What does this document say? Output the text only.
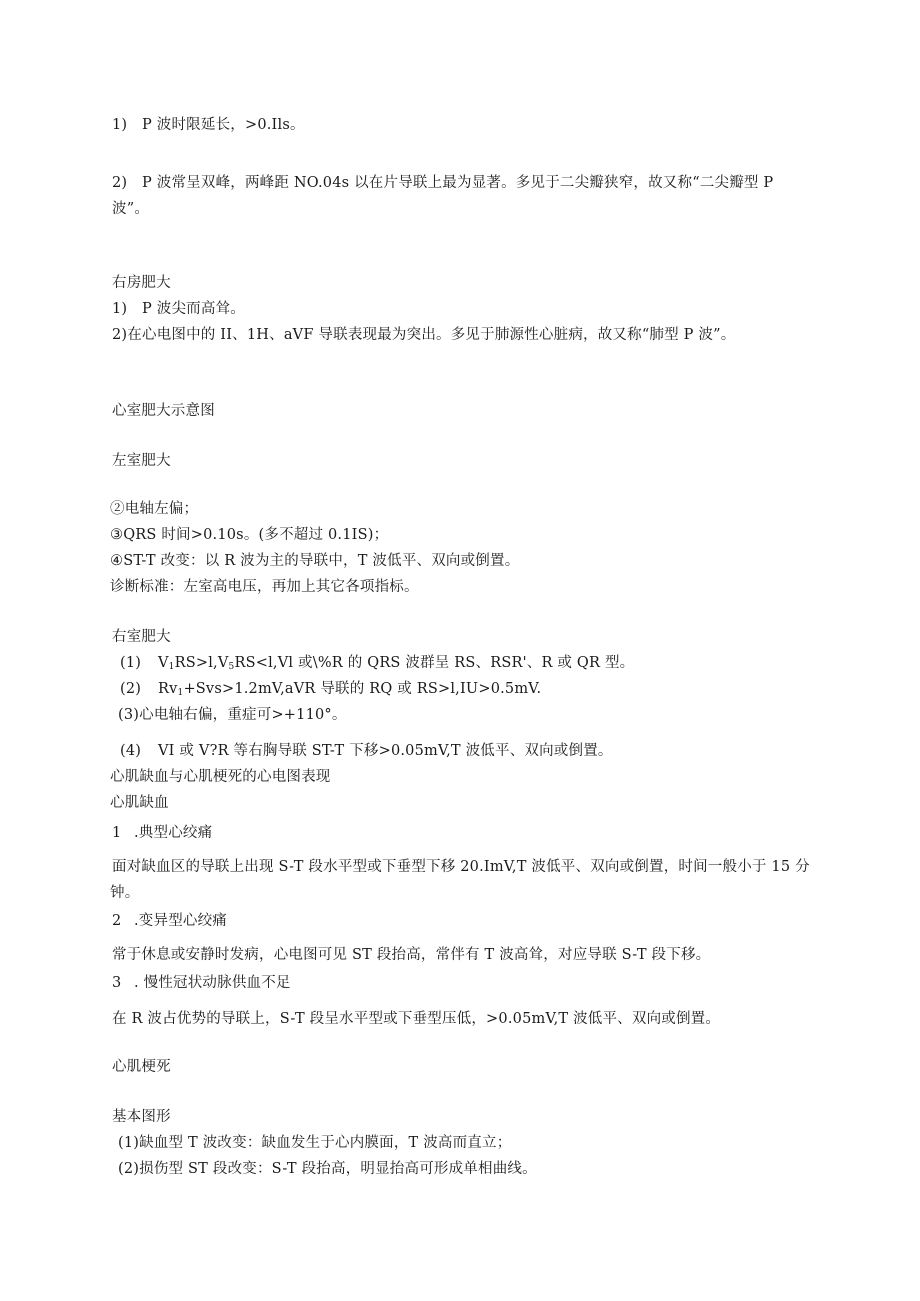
1) P 波时限延长，>0.Ils。
2) P 波常呈双峰，两峰距 NO.04s 以在片导联上最为显著。多见于二尖瓣狭窄，故又称“二尖瓣型 P
波”。
右房肥大
1) P 波尖而高耸。
2)在心电图中的 II、1H、aVF 导联表现最为突出。多见于肺源性心脏病，故又称“肺型 P 波”。
心室肥大示意图
左室肥大
②电轴左偏；
③QRS 时间>0.10s。(多不超过 0.1IS)；
④ST-T 改变：以 R 波为主的导联中，T 波低平、双向或倒置。
诊断标准：左室高电压，再加上其它各项指标。
右室肥大
(1) $V_1RS>l,V_5RS<l,Vl$ 或\%R 的 QRS 波群呈 RS、RSR'、R 或 QR 型。
(2) $Rv_1+Svs>1.2mV,aVR$ 导联的 RQ 或 RS>l,IU>0.5mV.
(3)心电轴右偏，重症可>+110°。
(4) VI 或 V?R 等右胸导联 ST-T 下移>0.05mV,T 波低平、双向或倒置。
心肌缺血与心肌梗死的心电图表现
心肌缺血
1 .典型心绞痛
面对缺血区的导联上出现 S-T 段水平型或下垂型下移 20.ImV,T 波低平、双向或倒置，时间一般小于 15 分
钟。
2 .变异型心绞痛
常于休息或安静时发病，心电图可见 ST 段抬高，常伴有 T 波高耸，对应导联 S-T 段下移。
3 . 慢性冠状动脉供血不足
在 R 波占优势的导联上，S-T 段呈水平型或下垂型压低，>0.05mV,T 波低平、双向或倒置。
心肌梗死
基本图形
(1)缺血型 T 波改变：缺血发生于心内膜面，T 波高而直立；
(2)损伤型 ST 段改变：S-T 段抬高，明显抬高可形成单相曲线。
